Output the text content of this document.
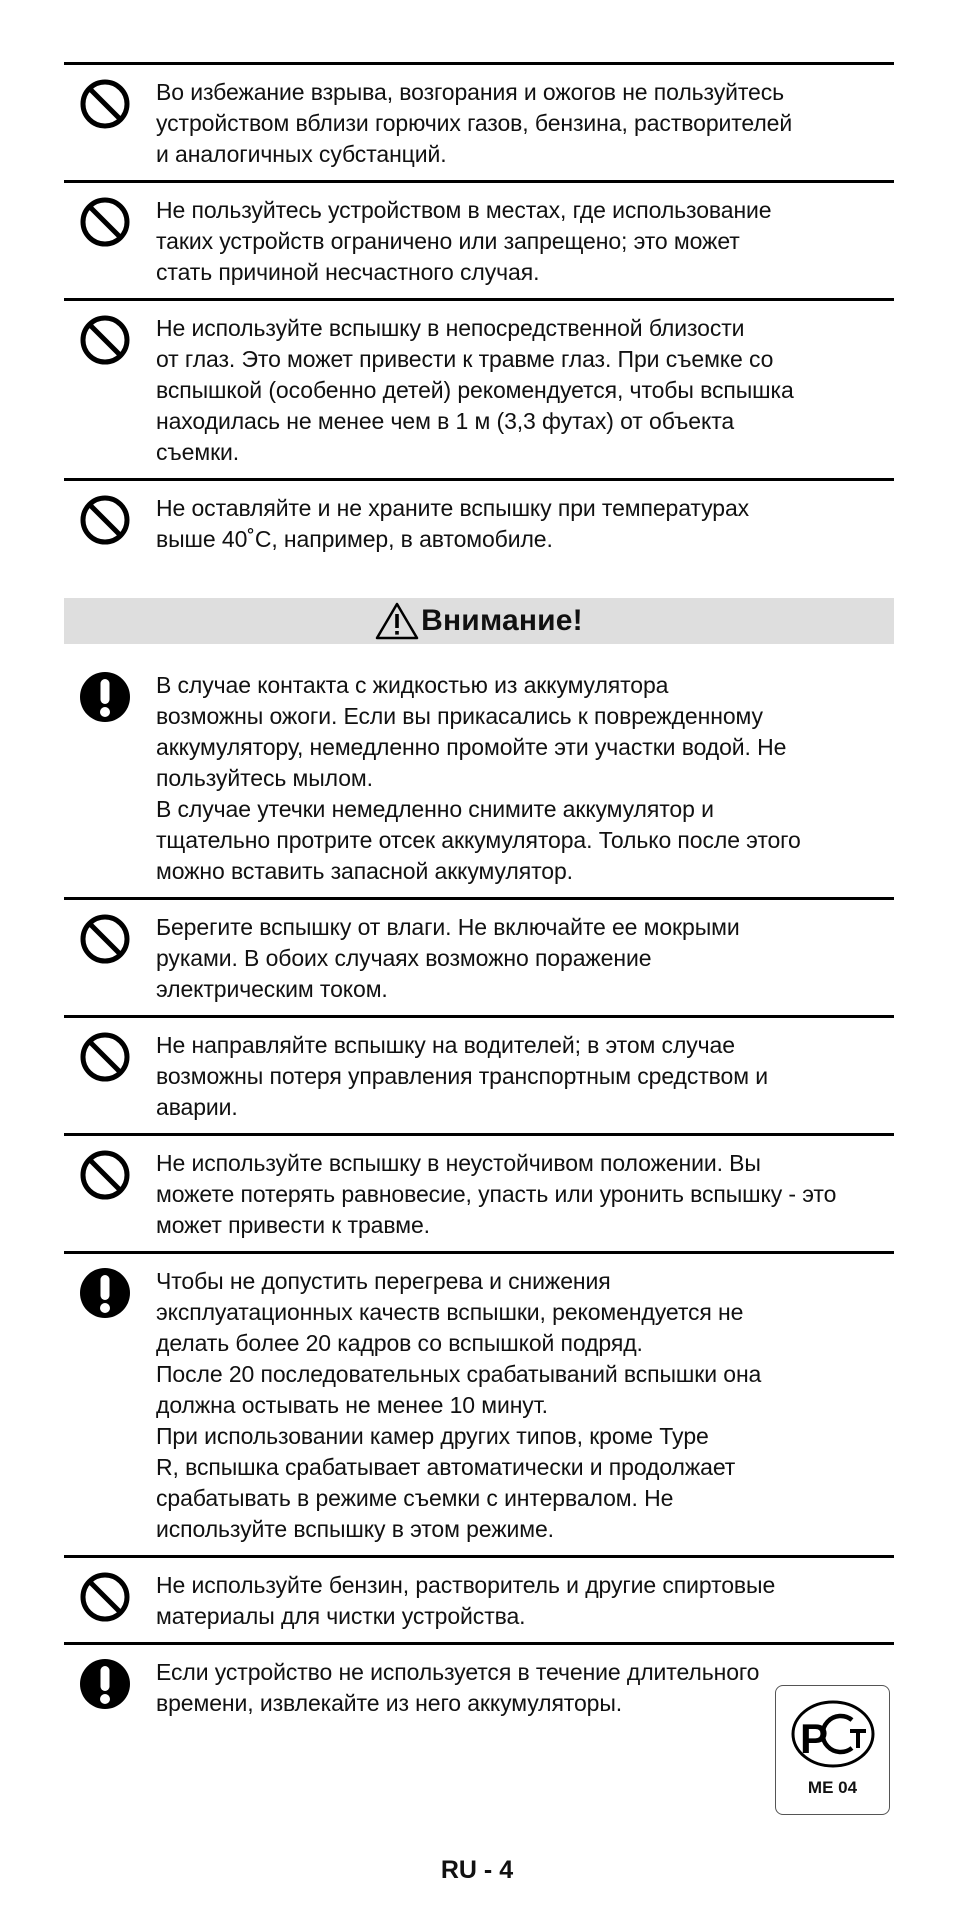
Во избежание взрыва, возгорания и ожогов не пользуйтесь
устройством вблизи горючих газов, бензина, растворителей
и аналогичных субстанций.

Не пользуйтесь устройством в местах, где использование
таких устройств ограничено или запрещено; это может
стать причиной несчастного случая.

Не используйте вспышку в непосредственной близости
от глаз. Это может привести к травме глаз. При съемке со
вспышкой (особенно детей) рекомендуется, чтобы вспышка
находилась не менее чем в 1 м (3,3 футах) от объекта
съемки.

Не оставляйте и не храните вспышку при температурах
выше 40˚С, например, в автомобиле.

Внимание!

В случае контакта с жидкостью из аккумулятора
возможны ожоги. Если вы прикасались к поврежденному
аккумулятору, немедленно промойте эти участки водой. Не
пользуйтесь мылом.
В случае утечки немедленно снимите аккумулятор и
тщательно протрите отсек аккумулятора. Только после этого
можно вставить запасной аккумулятор.

Берегите вспышку от влаги. Не включайте ее мокрыми
руками. В обоих случаях возможно поражение
электрическим током.

Не направляйте вспышку на водителей; в этом случае
возможны потеря управления транспортным средством и
аварии.

Не используйте вспышку в неустойчивом положении. Вы
можете потерять равновесие, упасть или уронить вспышку - это
может привести к травме.

Чтобы не допустить перегрева и снижения
эксплуатационных качеств вспышки, рекомендуется не
делать более 20 кадров со вспышкой подряд.
После 20 последовательных срабатываний вспышки она
должна остывать не менее 10 минут.
При использовании камер других типов, кроме Type
R, вспышка срабатывает автоматически и продолжает
срабатывать в режиме съемки с интервалом. Не
используйте вспышку в этом режиме.

Не используйте бензин, растворитель и другие спиртовые
материалы для чистки устройства.

Если устройство не используется в течение длительного
времени, извлекайте из него аккумуляторы.

P
ME 04
RU - 4
